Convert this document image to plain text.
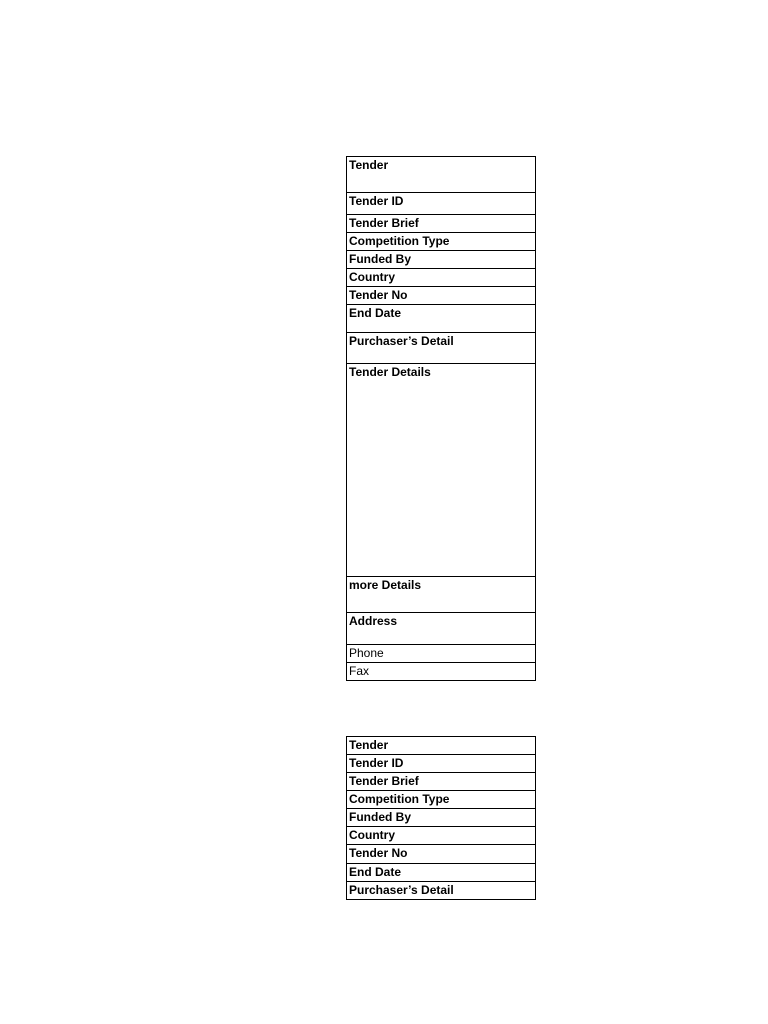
Tender
Tender ID
Tender Brief
Competition Type
Funded By
Country
Tender No
End Date
Purchaser’s Detail
Tender Details
more Details
Address
Phone
Fax
Tender
Tender ID
Tender Brief
Competition Type
Funded By
Country
Tender No
End Date
Purchaser’s Detail
